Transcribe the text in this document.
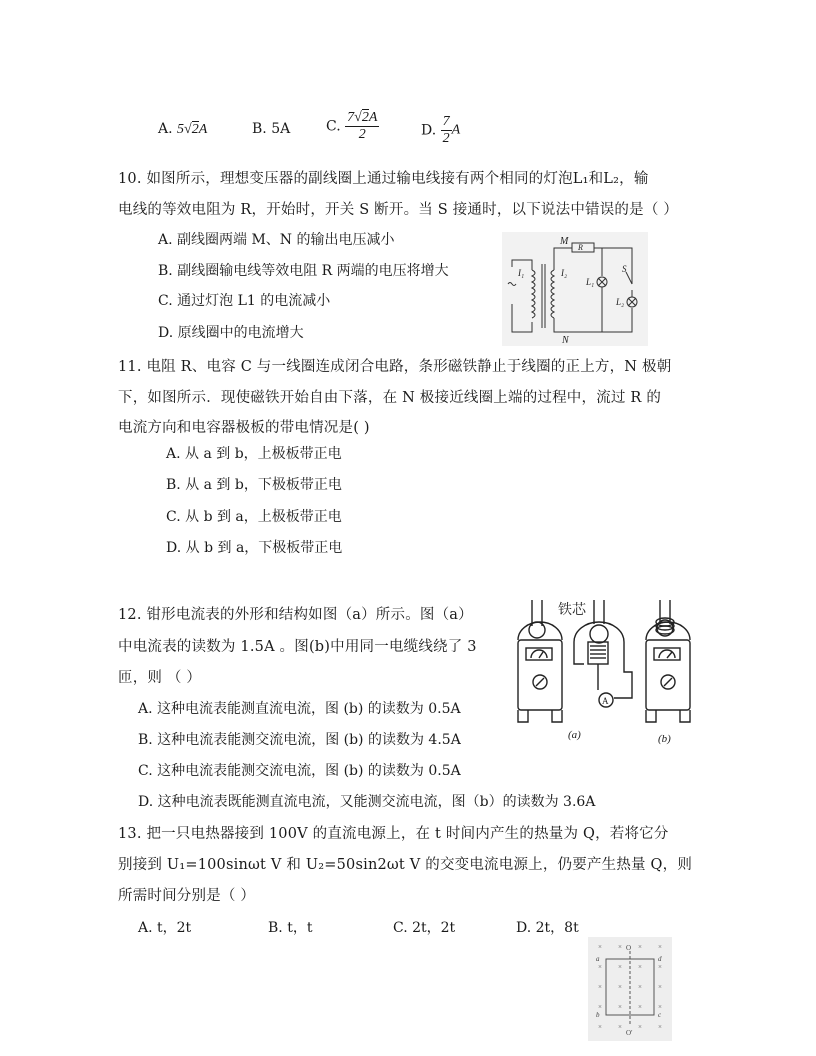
A. 5√2A	B. 5A	C. $\frac{7√2A}{2}$	D. $\frac{7}{2}$ A
10. 如图所示，理想变压器的副线圈上通过输电线接有两个相同的灯泡L₁和L₂，输
电线的等效电阻为 R，开始时，开关 S 断开。当 S 接通时，以下说法中错误的是（ ）
A. 副线圈两端 M、N 的输出电压减小
B. 副线圈输电线等效电阻 R 两端的电压将增大
C. 通过灯泡 L1 的电流减小
D. 原线圈中的电流增大
M
R
N
I₁	I₂
L₁
L₂
S
11. 电阻 R、电容 C 与一线圈连成闭合电路，条形磁铁静止于线圈的正上方，N 极朝
下，如图所示．现使磁铁开始自由下落，在 N 极接近线圈上端的过程中，流过 R 的
电流方向和电容器极板的带电情况是( )
A. 从 a 到 b，上极板带正电
B. 从 a 到 b，下极板带正电
C. 从 b 到 a，上极板带正电
D. 从 b 到 a，下极板带正电
12. 钳形电流表的外形和结构如图（a）所示。图（a）
中电流表的读数为 1.5A 。图(b)中用同一电缆线绕了 3
匝，则 （ ）
A. 这种电流表能测直流电流，图 (b) 的读数为 0.5A
B. 这种电流表能测交流电流，图 (b) 的读数为 4.5A
C. 这种电流表能测交流电流，图 (b) 的读数为 0.5A
D. 这种电流表既能测直流电流，又能测交流电流，图（b）的读数为 3.6A
铁芯
A
(a)	(b)
13. 把一只电热器接到 100V 的直流电源上，在 t 时间内产生的热量为 Q，若将它分
别接到 U₁=100sinωt V 和 U₂=50sin2ωt V 的交变电流电源上，仍要产生热量 Q，则
所需时间分别是（ ）
A. t，2t	B. t，t	C. 2t，2t	D. 2t，8t
× × × ×
× × × ×
× × × ×
× × × ×
× × × ×
O
O′
a
b
d
c
